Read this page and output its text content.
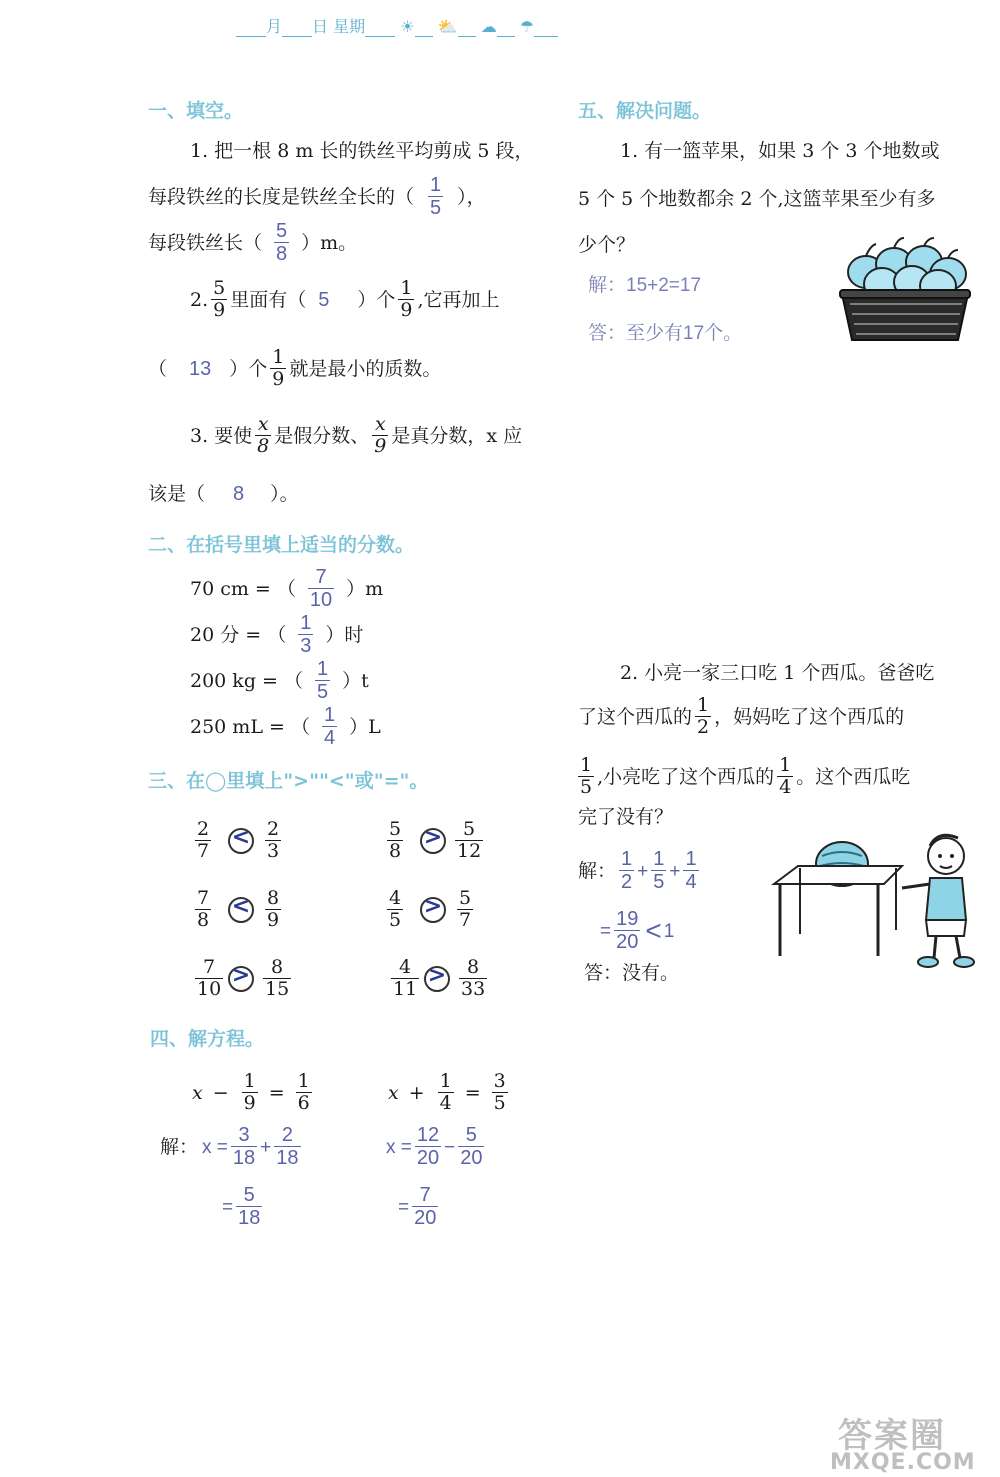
月 日 星期 ☀ ⛅ ☁ ☂
一、填空。
1. 把一根 8 m 长的铁丝平均剪成 5 段，
每段铁丝的长度是铁丝全长的（ $\frac{1}{5}$ ），
每段铁丝长（ $\frac{5}{8} )m$。
2. $\frac{5}{9}$ 里面有（ 5 ）个 $\frac{1}{9}$ ,它再加上
（ 13 ）个 $\frac{1}{9}$ 就是最小的质数。
3. 要使 $\frac{x}{8}$ 是假分数、 $\frac{x}{9}$ 是真分数，x 应
该是（ 8 ）。
二、在括号里填上适当的分数。
70 cm = （ $\frac{7}{10} )m$
20 分 = （ $\frac{1}{3}$ ）时
200 kg = （ $\frac{1}{5} )t$
250 mL = （ $\frac{1}{4} )L$
三、在◯里填上">""<"或"="。
$\frac{2}{7} < \frac{2}{3}$	$\frac{5}{8} > \frac{5}{12}$
$\frac{7}{8} < \frac{8}{9}$	$\frac{4}{5} > \frac{5}{7}$
$\frac{7}{10} > \frac{8}{15}$	$\frac{4}{11} > \frac{8}{33}$
四、解方程。
$x - \frac{1}{9} = \frac{1}{6}$	$x + \frac{1}{4} = \frac{3}{5}$
解： $x = \frac{3}{18} + \frac{2}{18}$
= $\frac{5}{18}$
$x = \frac{12}{20} - \frac{5}{20}$
= $\frac{7}{20}$
五、解决问题。
1. 有一篮苹果，如果 3 个 3 个地数或
5 个 5 个地数都余 2 个,这篮苹果至少有多
少个？
解：15+2=17
答：至少有17个。
2. 小亮一家三口吃 1 个西瓜。爸爸吃
了这个西瓜的 $\frac{1}{2}$ ，妈妈吃了这个西瓜的
$\frac{1}{5}$ ,小亮吃了这个西瓜的 $\frac{1}{4}$ 。这个西瓜吃
完了没有？
解： $\frac{1}{2} + \frac{1}{5} + \frac{1}{4}$
= $\frac{19}{20} < 1$
答：没有。
答案圈
MXQE.COM
